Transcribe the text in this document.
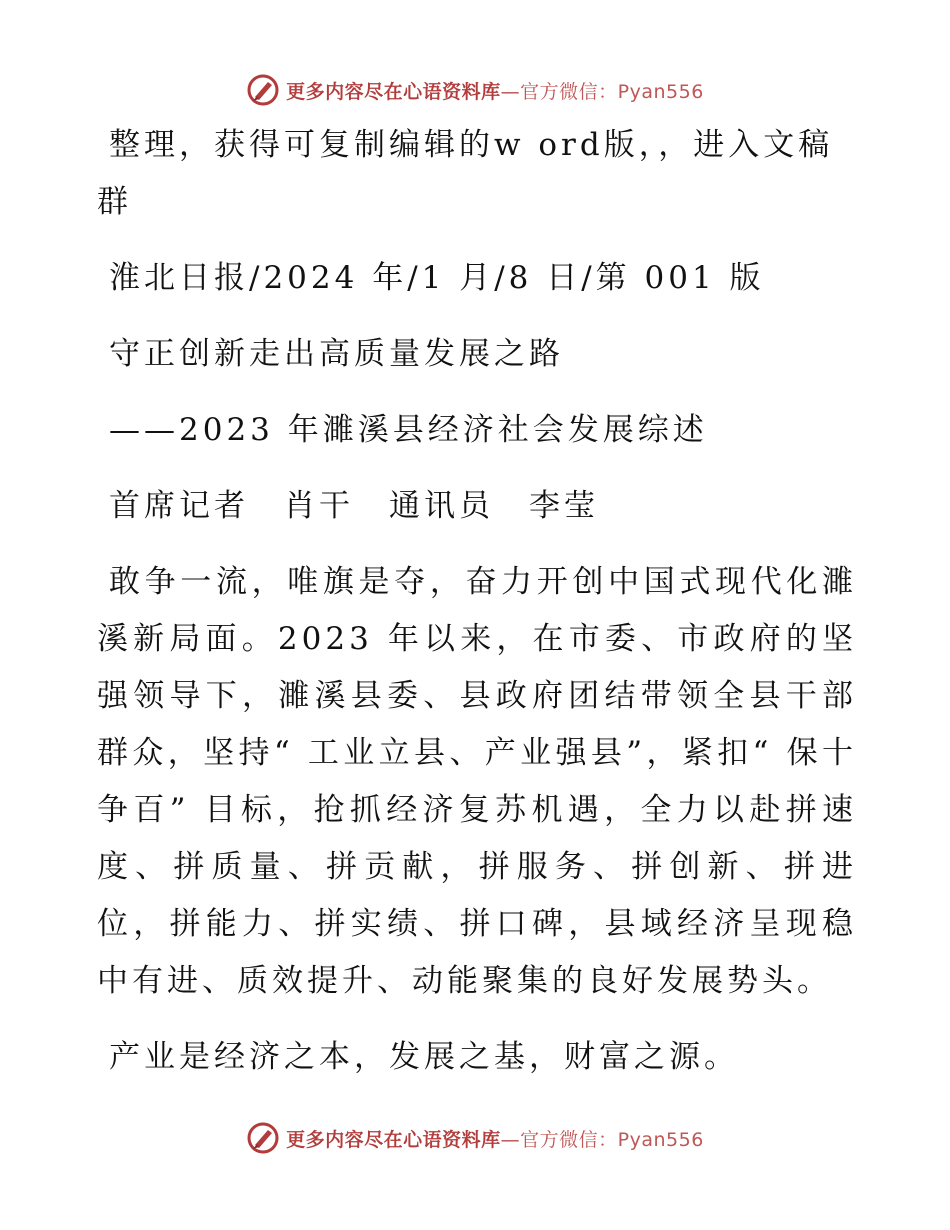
更多内容尽在心语资料库—官方微信：Pyan556

整理，获得可复制编辑的w ord版，，进入文稿群

淮北日报/2024 年/1 月/8 日/第 001 版

守正创新走出高质量发展之路

——2023 年濉溪县经济社会发展综述

首席记者　肖干　通讯员　李莹

敢争一流，唯旗是夺，奋力开创中国式现代化濉溪新局面。2023 年以来，在市委、市政府的坚强领导下，濉溪县委、县政府团结带领全县干部群众，坚持“ 工业立县、产业强县”，紧扣“ 保十争百” 目标，抢抓经济复苏机遇，全力以赴拼速度、拼质量、拼贡献，拼服务、拼创新、拼进位，拼能力、拼实绩、拼口碑，县域经济呈现稳中有进、质效提升、动能聚集的良好发展势头。

产业是经济之本，发展之基，财富之源。

更多内容尽在心语资料库—官方微信：Pyan556
